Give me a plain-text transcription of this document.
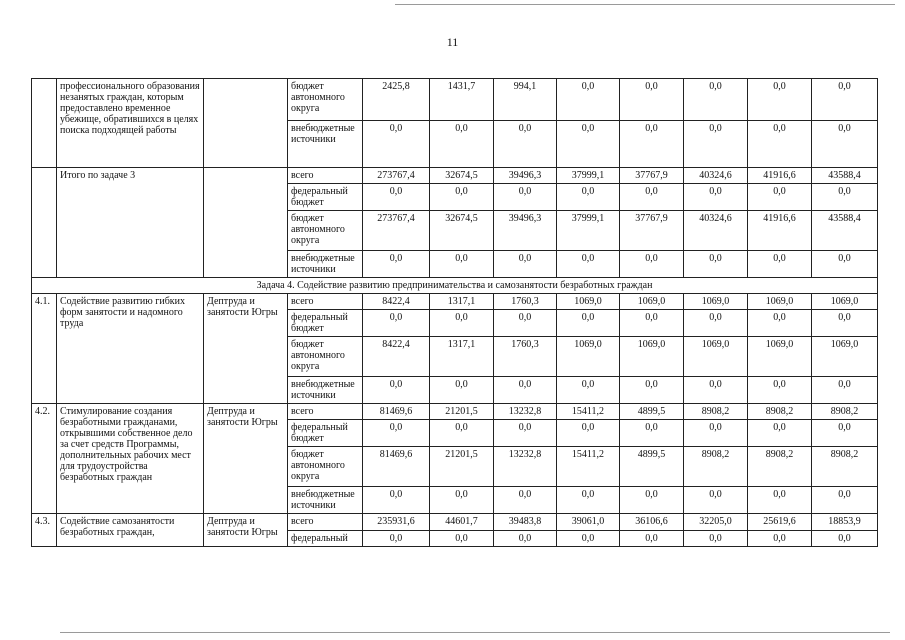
11
	профессионального образования незанятых граждан, которым предоставлено временное убежище, обратившихся в целях поиска подходящей работы		бюджет автономного округа	2425,8	1431,7	994,1	0,0	0,0	0,0	0,0	0,0
			внебюджетные источники	0,0	0,0	0,0	0,0	0,0	0,0	0,0	0,0
	Итого по задаче 3		всего	273767,4	32674,5	39496,3	37999,1	37767,9	40324,6	41916,6	43588,4
			федеральный бюджет	0,0	0,0	0,0	0,0	0,0	0,0	0,0	0,0
			бюджет автономного округа	273767,4	32674,5	39496,3	37999,1	37767,9	40324,6	41916,6	43588,4
			внебюджетные источники	0,0	0,0	0,0	0,0	0,0	0,0	0,0	0,0
Задача 4. Содействие развитию предпринимательства и самозанятости безработных граждан											
4.1.	Содействие развитию гибких форм занятости и надомного труда	Дептруда и занятости Югры	всего	8422,4	1317,1	1760,3	1069,0	1069,0	1069,0	1069,0	1069,0
			федеральный бюджет	0,0	0,0	0,0	0,0	0,0	0,0	0,0	0,0
			бюджет автономного округа	8422,4	1317,1	1760,3	1069,0	1069,0	1069,0	1069,0	1069,0
			внебюджетные источники	0,0	0,0	0,0	0,0	0,0	0,0	0,0	0,0
4.2.	Стимулирование создания безработными гражданами, открывшими собственное дело за счет средств Программы, дополнительных рабочих мест для трудоустройства безработных граждан	Дептруда и занятости Югры	всего	81469,6	21201,5	13232,8	15411,2	4899,5	8908,2	8908,2	8908,2
			федеральный бюджет	0,0	0,0	0,0	0,0	0,0	0,0	0,0	0,0
			бюджет автономного округа	81469,6	21201,5	13232,8	15411,2	4899,5	8908,2	8908,2	8908,2
			внебюджетные источники	0,0	0,0	0,0	0,0	0,0	0,0	0,0	0,0
4.3.	Содействие самозанятости безработных граждан,	Дептруда и занятости Югры	всего	235931,6	44601,7	39483,8	39061,0	36106,6	32205,0	25619,6	18853,9
			федеральный	0,0	0,0	0,0	0,0	0,0	0,0	0,0	0,0
